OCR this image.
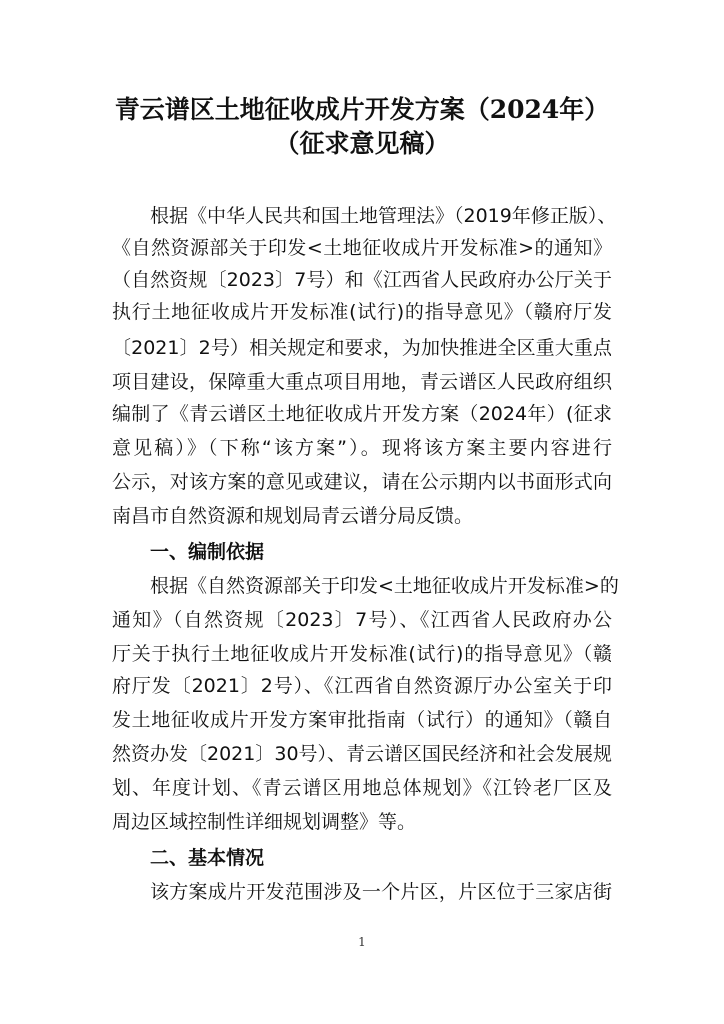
青云谱区土地征收成片开发方案（2024年）
（征求意见稿）
根据《中华人民共和国土地管理法》（2019年修正版）、
《自然资源部关于印发<土地征收成片开发标准>的通知》
（自然资规〔2023〕7号）和《江西省人民政府办公厅关于
执行土地征收成片开发标准(试行)的指导意见》（赣府厅发
〔2021〕2号）相关规定和要求，为加快推进全区重大重点
项目建设，保障重大重点项目用地，青云谱区人民政府组织
编制了《青云谱区土地征收成片开发方案（2024年）(征求
意见稿）》（下称“该方案”）。现将该方案主要内容进行
公示，对该方案的意见或建议，请在公示期内以书面形式向
南昌市自然资源和规划局青云谱分局反馈。
一、编制依据
根据《自然资源部关于印发<土地征收成片开发标准>的
通知》（自然资规〔2023〕7号）、《江西省人民政府办公
厅关于执行土地征收成片开发标准(试行)的指导意见》（赣
府厅发〔2021〕2号）、《江西省自然资源厅办公室关于印
发土地征收成片开发方案审批指南（试行）的通知》（赣自
然资办发〔2021〕30号）、青云谱区国民经济和社会发展规
划、年度计划、《青云谱区用地总体规划》《江铃老厂区及
周边区域控制性详细规划调整》等。
二、基本情况
该方案成片开发范围涉及一个片区，片区位于三家店街
1
